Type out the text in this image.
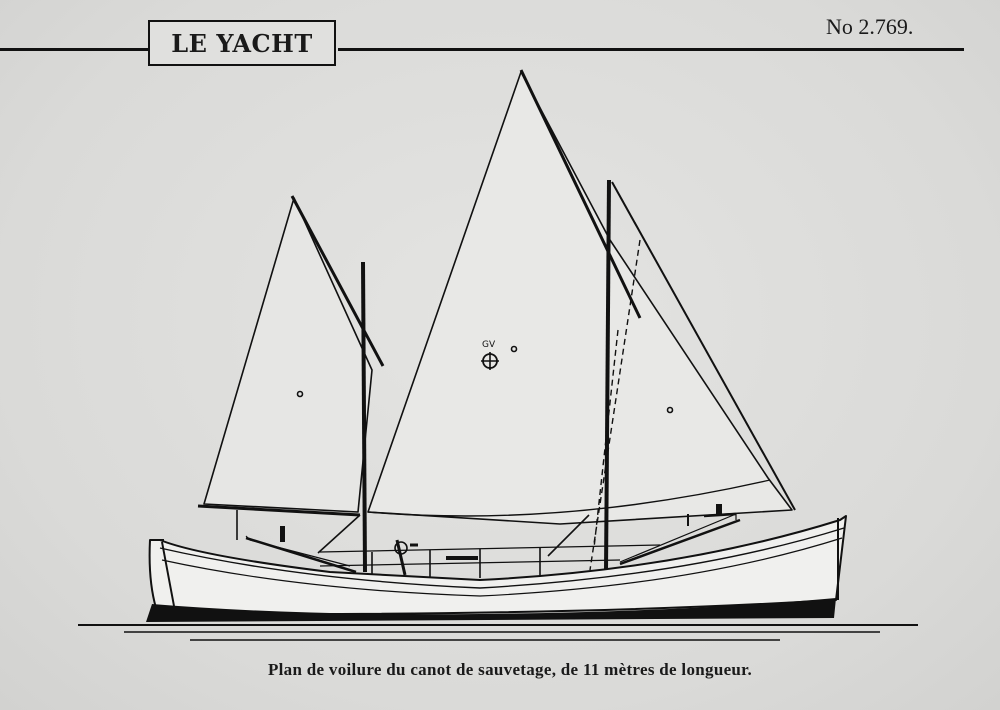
LE YACHT
No 2.769.
GV
Plan de voilure du canot de sauvetage, de 11 mètres de longueur.
